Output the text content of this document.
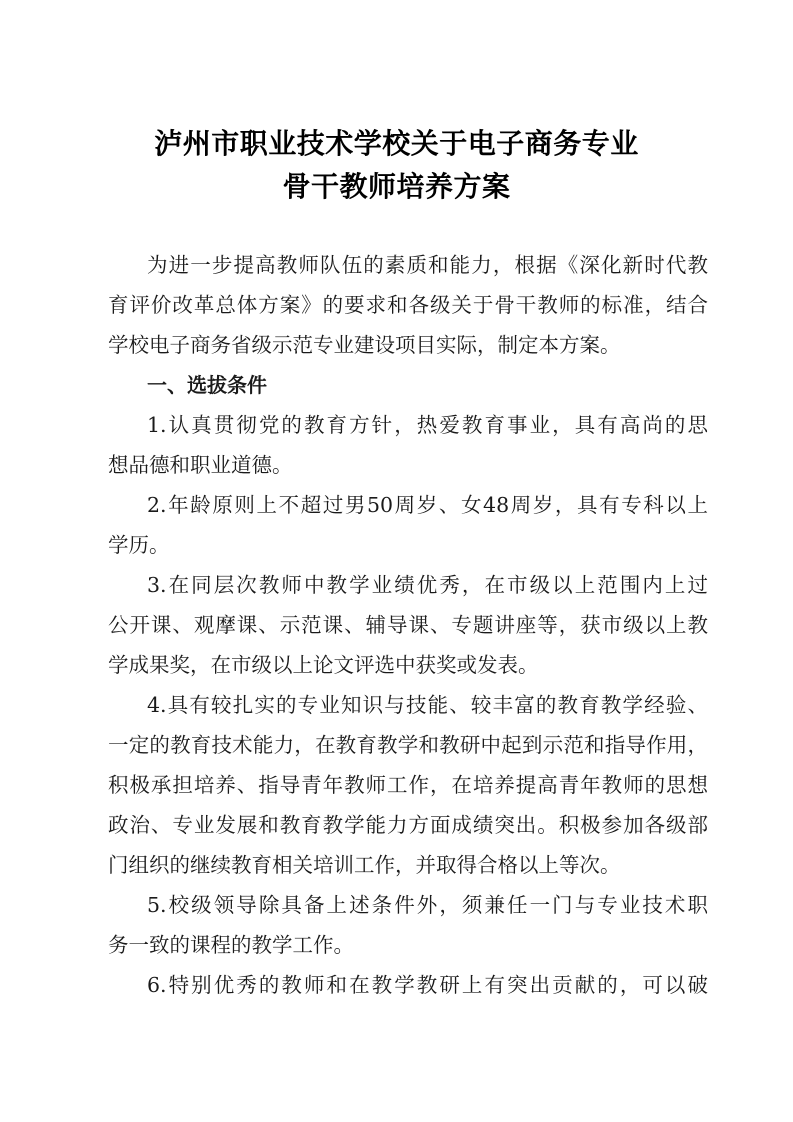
泸州市职业技术学校关于电子商务专业
骨干教师培养方案
为进一步提高教师队伍的素质和能力，根据《深化新时代教
育评价改革总体方案》的要求和各级关于骨干教师的标准，结合
学校电子商务省级示范专业建设项目实际，制定本方案。
一、选拔条件
1.认真贯彻党的教育方针，热爱教育事业，具有高尚的思
想品德和职业道德。
2.年龄原则上不超过男50周岁、女48周岁，具有专科以上
学历。
3.在同层次教师中教学业绩优秀，在市级以上范围内上过
公开课、观摩课、示范课、辅导课、专题讲座等，获市级以上教
学成果奖，在市级以上论文评选中获奖或发表。
4.具有较扎实的专业知识与技能、较丰富的教育教学经验、
一定的教育技术能力，在教育教学和教研中起到示范和指导作用，
积极承担培养、指导青年教师工作，在培养提高青年教师的思想
政治、专业发展和教育教学能力方面成绩突出。积极参加各级部
门组织的继续教育相关培训工作，并取得合格以上等次。
5.校级领导除具备上述条件外，须兼任一门与专业技术职
务一致的课程的教学工作。
6.特别优秀的教师和在教学教研上有突出贡献的，可以破
